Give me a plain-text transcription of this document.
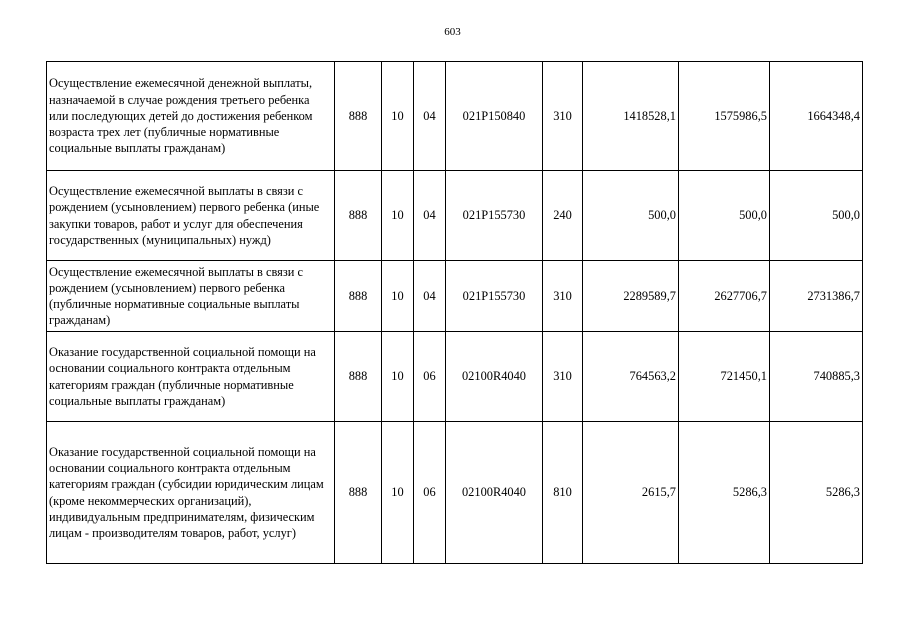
603
Осуществление ежемесячной денежной выплаты, назначаемой в случае рождения третьего ребенка или последующих детей до достижения ребенком возраста трех лет (публичные нормативные социальные выплаты гражданам)	888	10	04	021P150840	310	1418528,1	1575986,5	1664348,4
Осуществление ежемесячной выплаты в связи с рождением (усыновлением) первого ребенка (иные закупки товаров, работ и услуг для обеспечения государственных (муниципальных) нужд)	888	10	04	021P155730	240	500,0	500,0	500,0
Осуществление ежемесячной выплаты в связи с рождением (усыновлением) первого ребенка (публичные нормативные социальные выплаты гражданам)	888	10	04	021P155730	310	2289589,7	2627706,7	2731386,7
Оказание государственной социальной помощи на основании социального контракта отдельным категориям граждан (публичные нормативные социальные выплаты гражданам)	888	10	06	02100R4040	310	764563,2	721450,1	740885,3
Оказание государственной социальной помощи на основании социального контракта отдельным категориям граждан (субсидии юридическим лицам (кроме некоммерческих организаций), индивидуальным предпринимателям, физическим лицам - производителям товаров, работ, услуг)	888	10	06	02100R4040	810	2615,7	5286,3	5286,3
